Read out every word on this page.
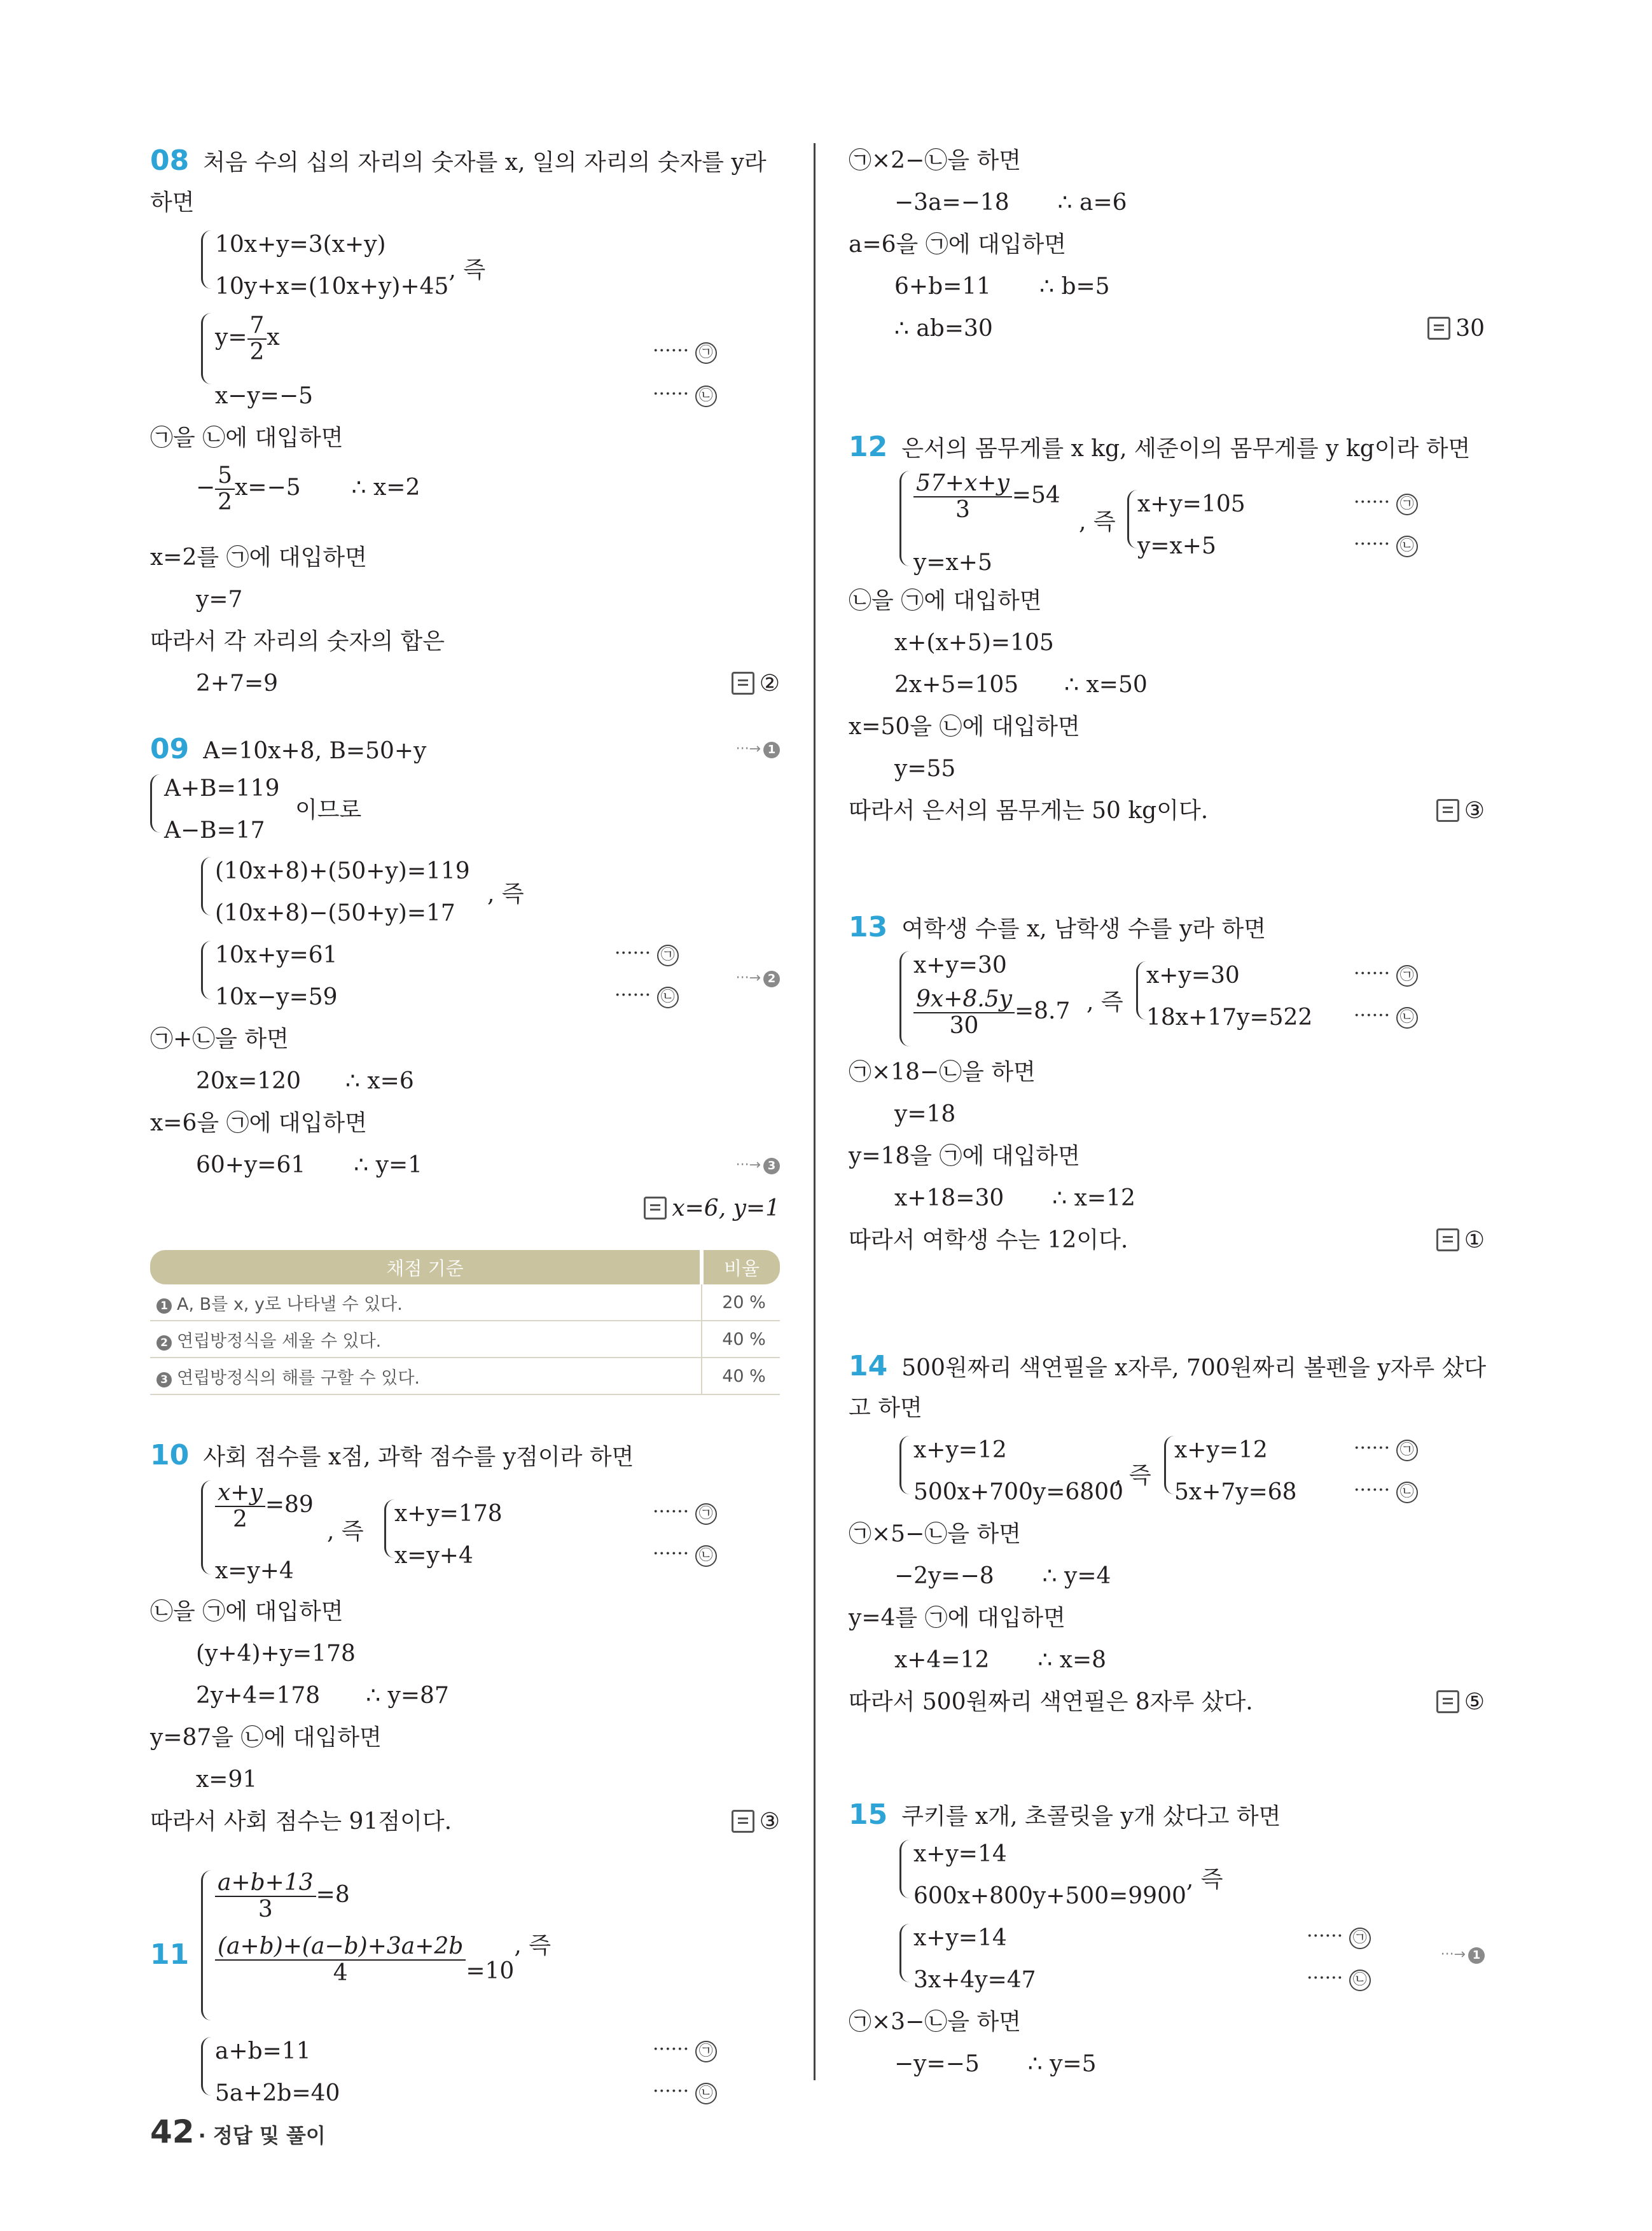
08 처음 수의 십의 자리의 숫자를 x, 일의 자리의 숫자를 y라
하면
10x+y=3(x+y)
10y+x=(10x+y)+45, 즉
$y= \frac{7}{2}$ x
······ ㉠
x−y=−5	······ ㉡
㉠을 ㉡에 대입하면
− $\frac{5}{2} x=-5$ ∴ x=2
x=2를 ㉠에 대입하면
y=7
따라서 각 자리의 숫자의 합은
2+7=9	②
09 A=10x+8, B=50+y	···→ 1
A+B=119
A−B=17
이므로
(10x+8)+(50+y)=119
(10x+8)−(50+y)=17
, 즉
10x+y=61	······ ㉠
10x−y=59	······ ㉡
···→ 2
㉠+㉡을 하면
20x=120 ∴ x=6
x=6을 ㉠에 대입하면
60+y=61 ∴ y=1	···→ 3
x=6, y=1
채점 기준	비율
1 A, B를 x, y로 나타낼 수 있다.	20 %
2 연립방정식을 세울 수 있다.	40 %
3 연립방정식의 해를 구할 수 있다.	40 %
10 사회 점수를 x점, 과학 점수를 y점이라 하면
$\frac{x+y}{2} =89$
x=y+4
, 즉
x+y=178	······ ㉠
x=y+4	······ ㉡
㉡을 ㉠에 대입하면
(y+4)+y=178
2y+4=178 ∴ y=87
y=87을 ㉡에 대입하면
x=91
따라서 사회 점수는 91점이다.	③
11
$\frac{a+b+13}{3} =8$
$\frac{(a+b)+(a-b)+3a+2b}{4} =10$, 즉
a+b=11	······ ㉠
5a+2b=40	······ ㉡
㉠×2−㉡을 하면
−3a=−18 ∴ a=6
a=6을 ㉠에 대입하면
6+b=11 ∴ b=5
∴ ab=30	30
12 은서의 몸무게를 x kg, 세준이의 몸무게를 y kg이라 하면
$\frac{57+x+y}{3} =54$
y=x+5
, 즉
x+y=105	······ ㉠
y=x+5	······ ㉡
㉡을 ㉠에 대입하면
x+(x+5)=105
2x+5=105 ∴ x=50
x=50을 ㉡에 대입하면
y=55
따라서 은서의 몸무게는 50 kg이다.	③
13 여학생 수를 x, 남학생 수를 y라 하면
x+y=30
$\frac{9x+8.5y}{30} =8.7$ , 즉
x+y=30	······ ㉠
18x+17y=522 ······ ㉡
㉠×18−㉡을 하면
y=18
y=18을 ㉠에 대입하면
x+18=30 ∴ x=12
따라서 여학생 수는 12이다.	①
14 500원짜리 색연필을 x자루, 700원짜리 볼펜을 y자루 샀다
고 하면
x+y=12
500x+700y=6800
, 즉
x+y=12	······ ㉠
5x+7y=68	······ ㉡
㉠×5−㉡을 하면
−2y=−8 ∴ y=4
y=4를 ㉠에 대입하면
x+4=12 ∴ x=8
따라서 500원짜리 색연필은 8자루 샀다.	⑤
15 쿠키를 x개, 초콜릿을 y개 샀다고 하면
x+y=14
600x+800y+500=9900, 즉
x+y=14	······ ㉠
3x+4y=47	······ ㉡
···→ 1
㉠×3−㉡을 하면
−y=−5 ∴ y=5
42 · 정답 및 풀이
